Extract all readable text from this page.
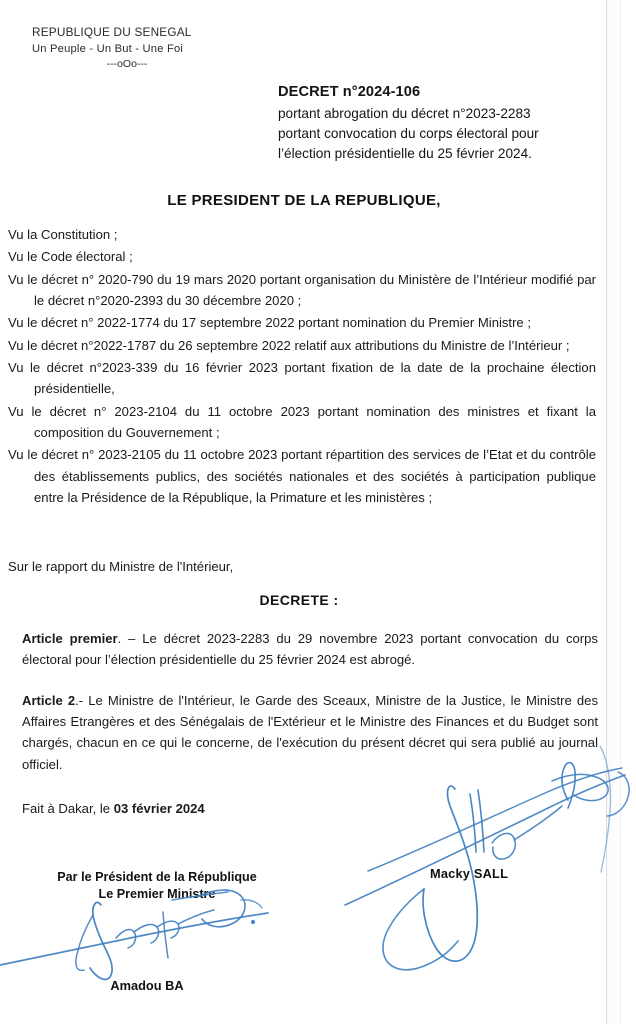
REPUBLIQUE DU SENEGAL
Un Peuple - Un But - Une Foi
---oOo---
DECRET n°2024-106
portant abrogation du décret n°2023-2283
portant convocation du corps électoral pour
l’élection présidentielle du 25 février 2024.
LE PRESIDENT DE LA REPUBLIQUE,

Vu la Constitution ;

Vu le Code électoral ;

Vu le décret n° 2020-790 du 19 mars 2020 portant organisation du Ministère de l’Intérieur modifié par le décret n°2020-2393 du 30 décembre 2020 ;

Vu le décret n° 2022-1774 du 17 septembre 2022 portant nomination du Premier Ministre ;

Vu le décret n°2022-1787 du 26 septembre 2022 relatif aux attributions du Ministre de l’Intérieur ;

Vu le décret n°2023-339 du 16 février 2023 portant fixation de la date de la prochaine élection présidentielle,

Vu le décret n° 2023-2104 du 11 octobre 2023 portant nomination des ministres et fixant la composition du Gouvernement ;

Vu le décret n° 2023-2105 du 11 octobre 2023 portant répartition des services de l’Etat et du contrôle des établissements publics, des sociétés nationales et des sociétés à participation publique entre la Présidence de la République, la Primature et les ministères ;

Sur le rapport du Ministre de l'Intérieur,
DECRETE :
Article premier. – Le décret 2023-2283 du 29 novembre 2023 portant convocation du corps électoral pour l’élection présidentielle du 25 février 2024 est abrogé.
Article 2.- Le Ministre de l'Intérieur, le Garde des Sceaux, Ministre de la Justice, le Ministre des Affaires Etrangères et des Sénégalais de l'Extérieur et le Ministre des Finances et du Budget sont chargés, chacun en ce qui le concerne, de l'exécution du présent décret qui sera publié au journal officiel.
Fait à Dakar, le 03 février 2024
Par le Président de la République
Le Premier Ministre
Amadou BA
Macky SALL
